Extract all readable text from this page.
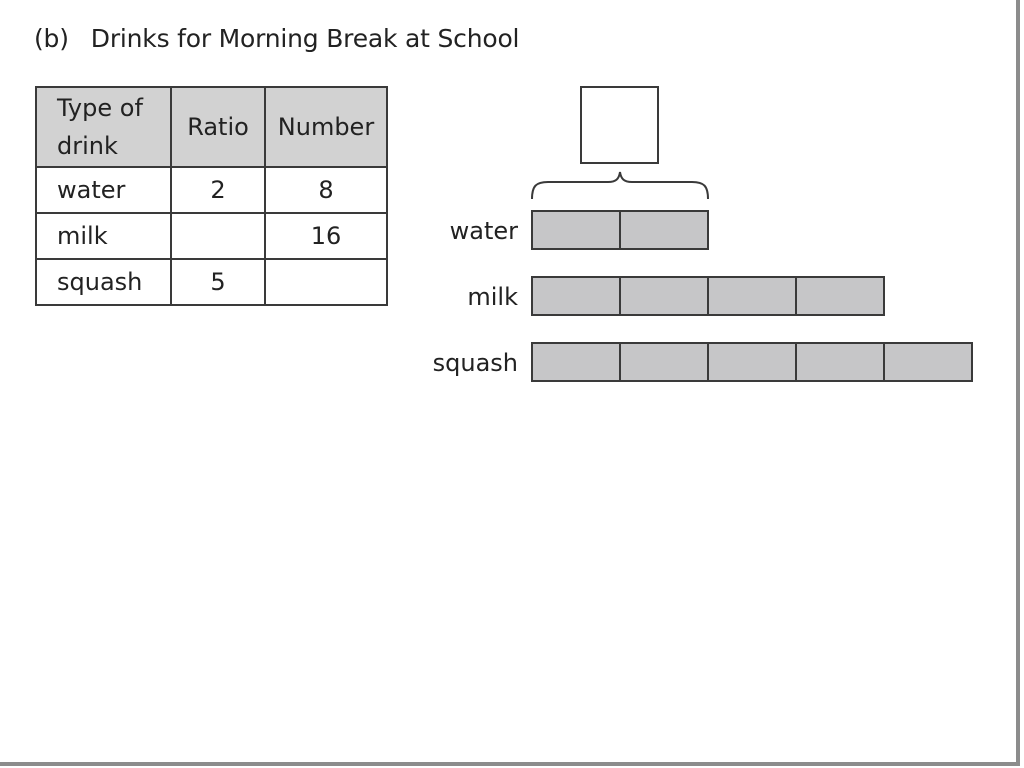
(b) Drinks for Morning Break at School
Type of drink	Ratio	Number
water	2	8
milk		16
squash	5	
water
milk
squash
